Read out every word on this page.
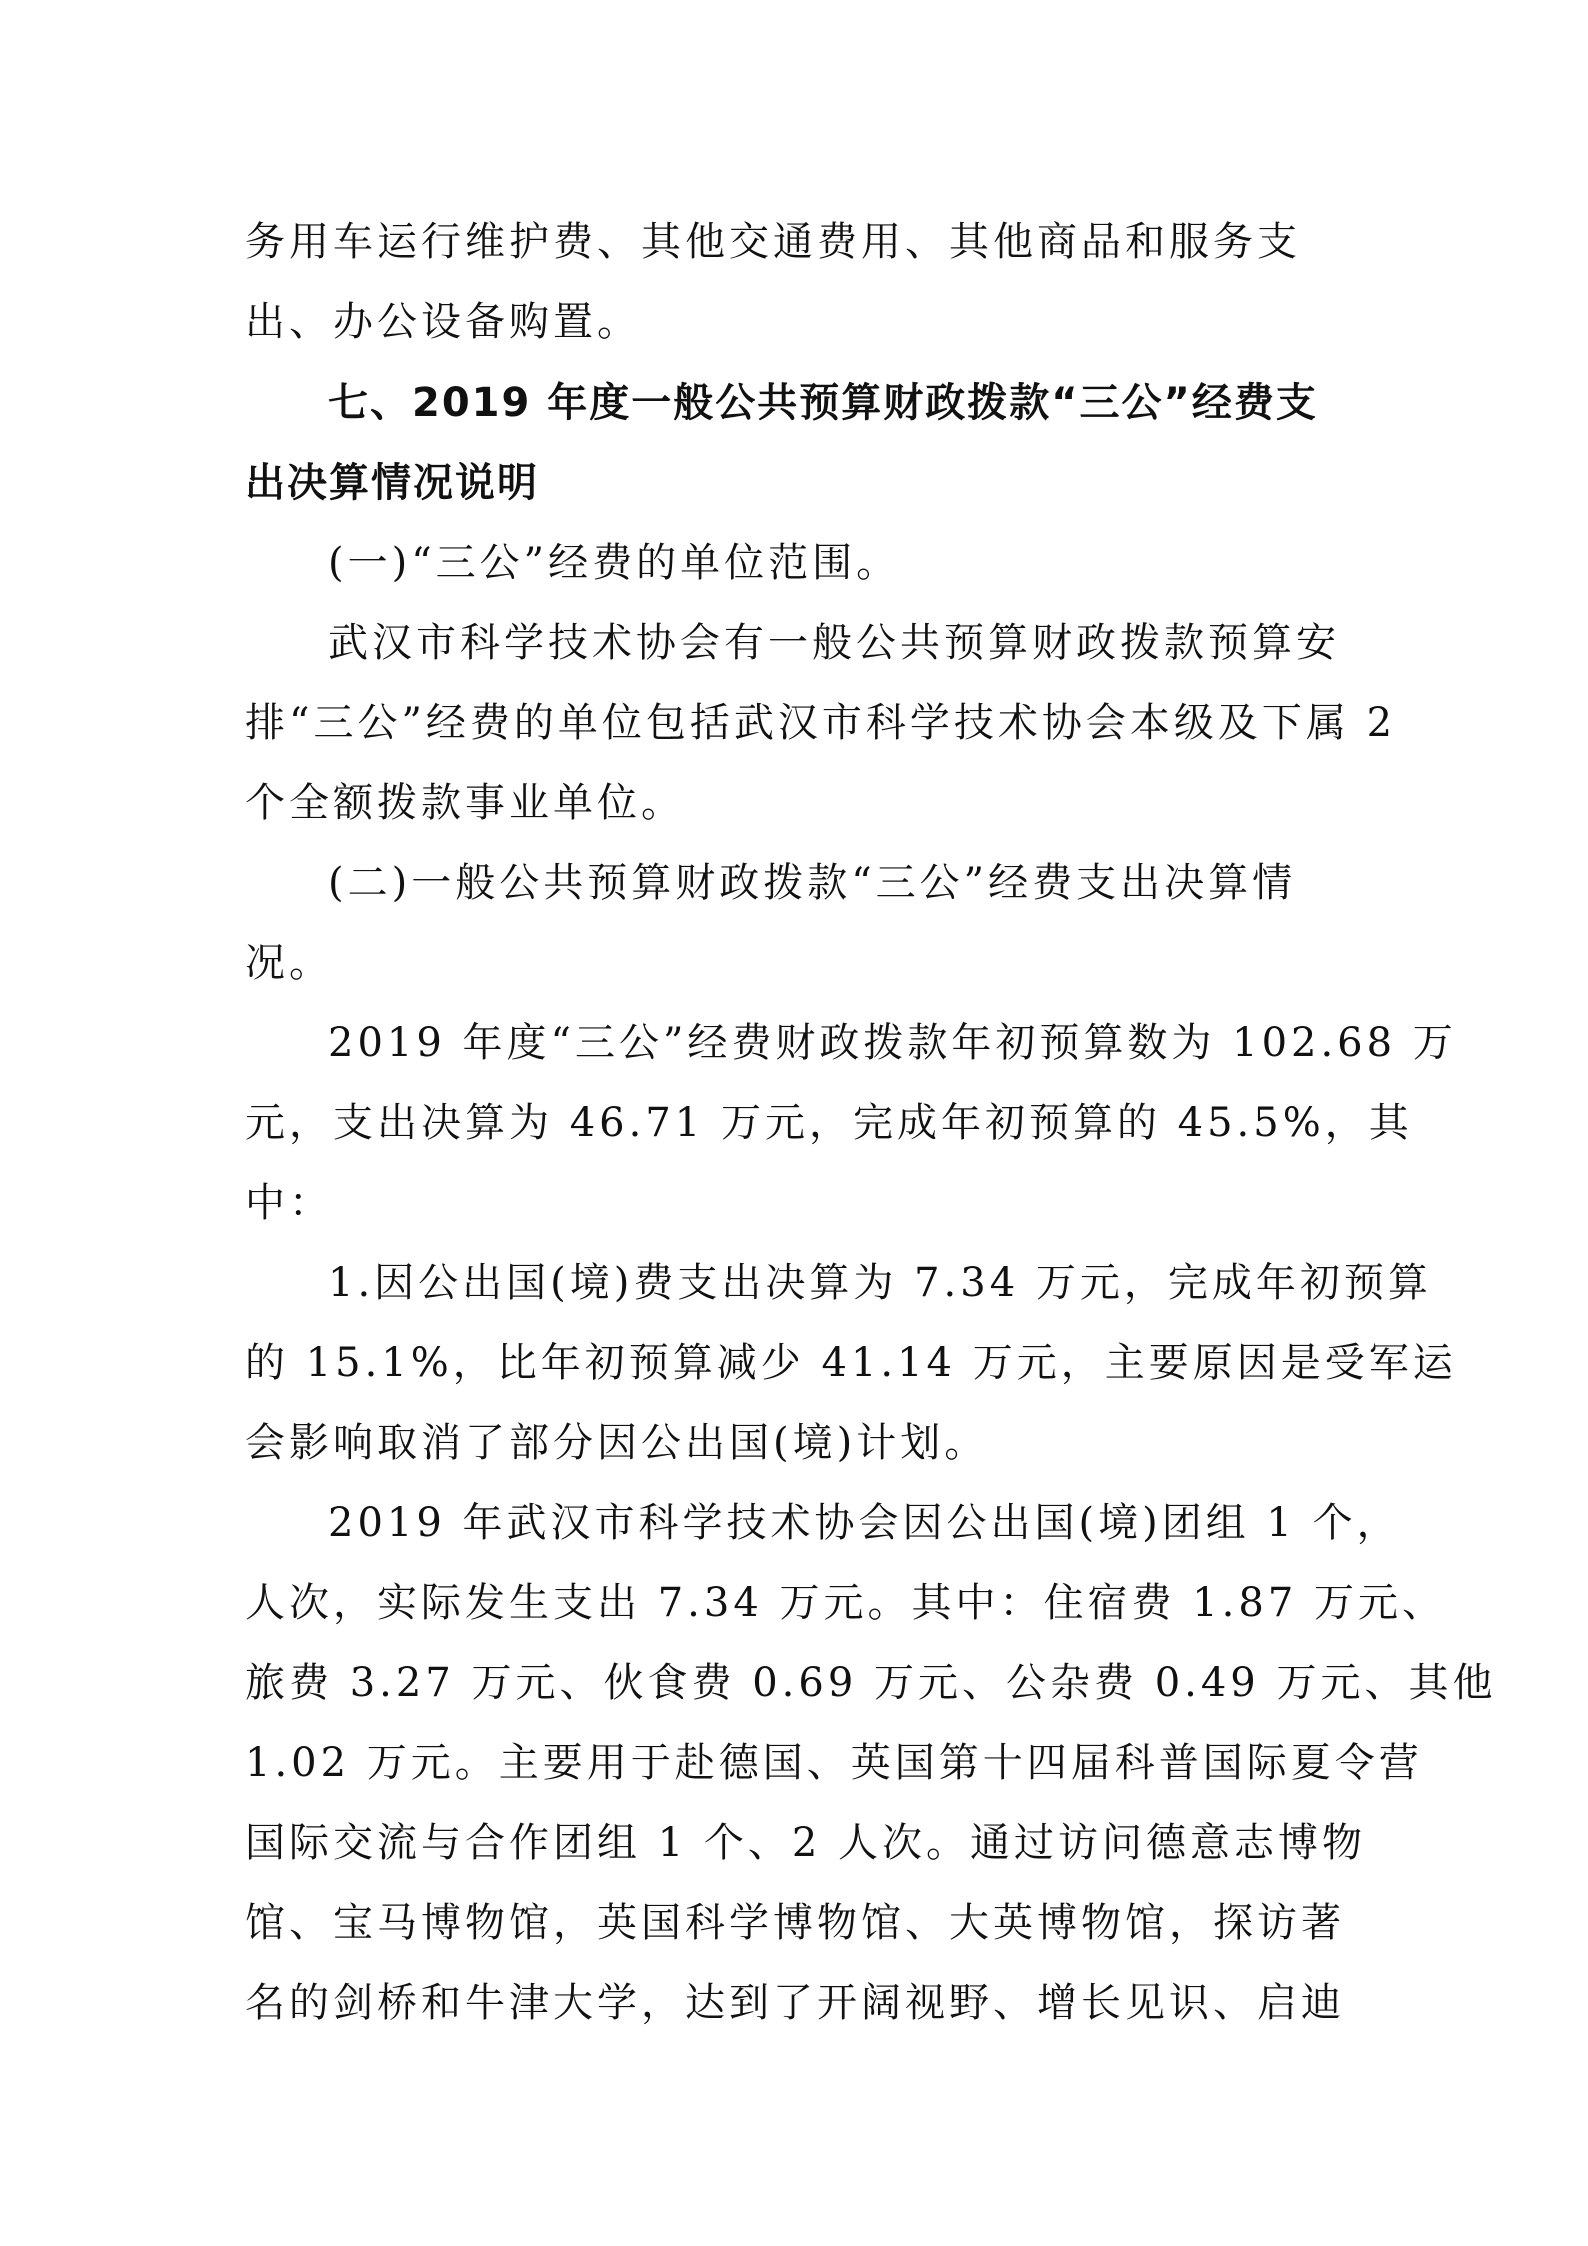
务用车运行维护费、其他交通费用、其他商品和服务支
出、办公设备购置。
七、2019 年度一般公共预算财政拨款“三公”经费支
出决算情况说明
(一)“三公”经费的单位范围。
武汉市科学技术协会有一般公共预算财政拨款预算安
排“三公”经费的单位包括武汉市科学技术协会本级及下属 2
个全额拨款事业单位。
(二)一般公共预算财政拨款“三公”经费支出决算情
况。
2019 年度“三公”经费财政拨款年初预算数为 102.68 万
元，支出决算为 46.71 万元，完成年初预算的 45.5%，其
中：
1.因公出国(境)费支出决算为 7.34 万元，完成年初预算
的 15.1%，比年初预算减少 41.14 万元，主要原因是受军运
会影响取消了部分因公出国(境)计划。
2019 年武汉市科学技术协会因公出国(境)团组 1 个，
人次，实际发生支出 7.34 万元。其中：住宿费 1.87 万元、
旅费 3.27 万元、伙食费 0.69 万元、公杂费 0.49 万元、其他
1.02 万元。主要用于赴德国、英国第十四届科普国际夏令营
国际交流与合作团组 1 个、2 人次。通过访问德意志博物
馆、宝马博物馆，英国科学博物馆、大英博物馆，探访著
名的剑桥和牛津大学，达到了开阔视野、增长见识、启迪
